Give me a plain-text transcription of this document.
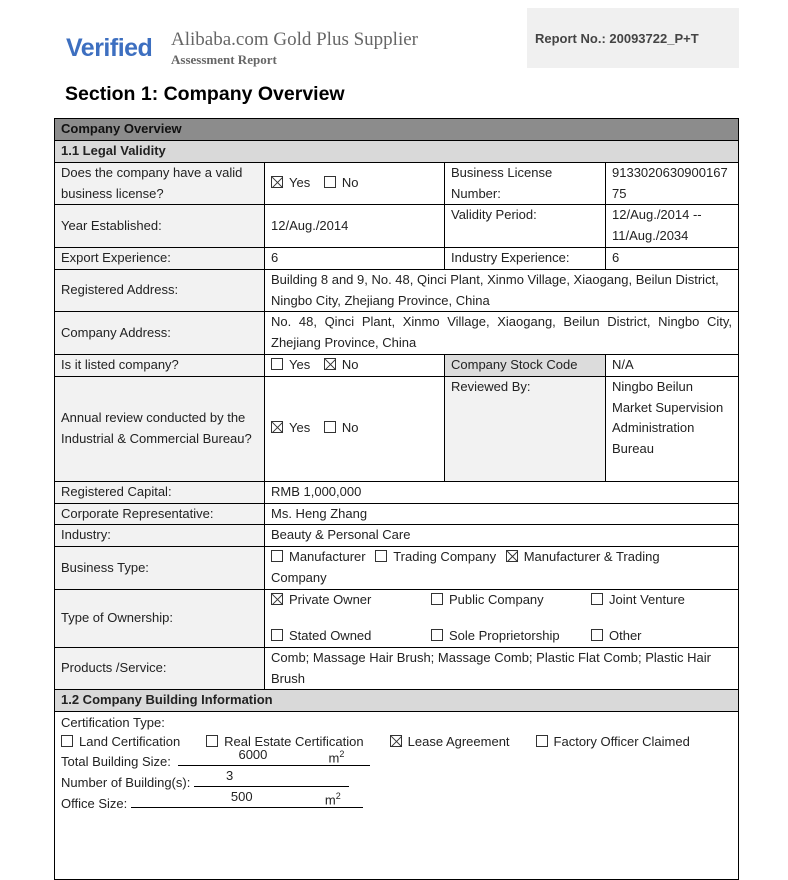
Verified Alibaba.com Gold Plus Supplier
Assessment Report
Report No.: 20093722_P+T
Section 1: Company Overview
Company Overview			
1.1 Legal Validity			
Does the company have a valid business license?	Yes No	Business License Number:	913302063090016775
Year Established:	12/Aug./2014	Validity Period:	12/Aug./2014 -- 11/Aug./2034
Export Experience:	6	Industry Experience:	6
Registered Address:	Building 8 and 9, No. 48, Qinci Plant, Xinmo Village, Xiaogang, Beilun District, Ningbo City, Zhejiang Province, China		
Company Address:	No. 48, Qinci Plant, Xinmo Village, Xiaogang, Beilun District, Ningbo City, Zhejiang Province, China		
Is it listed company?	Yes No	Company Stock Code	N/A
Annual review conducted by the Industrial & Commercial Bureau?	Yes No	Reviewed By:	Ningbo Beilun Market Supervision Administration Bureau
Registered Capital:	RMB 1,000,000		
Corporate Representative:	Ms. Heng Zhang		
Industry:	Beauty & Personal Care		
Business Type:	Manufacturer Trading Company Manufacturer & Trading Company		
Type of Ownership:	
Private Owner	Public Company	Joint Venture
Stated Owned	Sole Proprietorship	Other

Products /Service:	Comb; Massage Hair Brush; Massage Comb; Plastic Flat Comb; Plastic Hair Brush		
1.2 Company Building Information			

Certification Type:
Land Certification	Real Estate Certification	Lease Agreement	Factory Officer Claimed
Total Building Size:	6000	$m^2$
Number of Building(s):	3
Office Size:	500	$m^2$
